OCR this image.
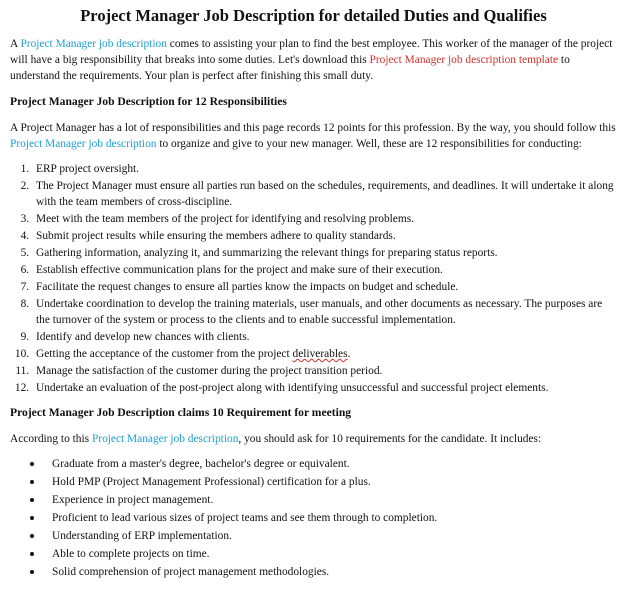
Project Manager Job Description for detailed Duties and Qualifies

A Project Manager job description comes to assisting your plan to find the best employee. This worker of the manager of the project will have a big responsibility that breaks into some duties. Let's download this Project Manager job description template to understand the requirements. Your plan is perfect after finishing this small duty.

Project Manager Job Description for 12 Responsibilities

A Project Manager has a lot of responsibilities and this page records 12 points for this profession. By the way, you should follow this Project Manager job description to organize and give to your new manager. Well, these are 12 responsibilities for conducting:

1. ERP project oversight.
2. The Project Manager must ensure all parties run based on the schedules, requirements, and deadlines. It will undertake it along with the team members of cross-discipline.
3. Meet with the team members of the project for identifying and resolving problems.
4. Submit project results while ensuring the members adhere to quality standards.
5. Gathering information, analyzing it, and summarizing the relevant things for preparing status reports.
6. Establish effective communication plans for the project and make sure of their execution.
7. Facilitate the request changes to ensure all parties know the impacts on budget and schedule.
8. Undertake coordination to develop the training materials, user manuals, and other documents as necessary. The purposes are the turnover of the system or process to the clients and to enable successful implementation.
9. Identify and develop new chances with clients.
10. Getting the acceptance of the customer from the project deliverables.
11. Manage the satisfaction of the customer during the project transition period.
12. Undertake an evaluation of the post-project along with identifying unsuccessful and successful project elements.
Project Manager Job Description claims 10 Requirement for meeting

According to this Project Manager job description, you should ask for 10 requirements for the candidate. It includes:

Graduate from a master's degree, bachelor's degree or equivalent.
Hold PMP (Project Management Professional) certification for a plus.
Experience in project management.
Proficient to lead various sizes of project teams and see them through to completion.
Understanding of ERP implementation.
Able to complete projects on time.
Solid comprehension of project management methodologies.
